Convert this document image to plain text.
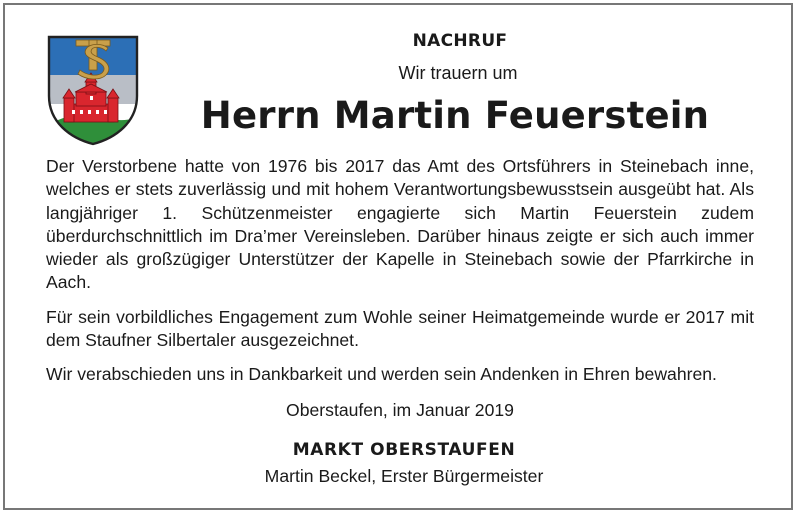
NACHRUF
Wir trauern um
Herrn Martin Feuerstein

Der Verstorbene hatte von 1976 bis 2017 das Amt des Ortsführers in Steinebach inne, welches er stets zuverlässig und mit hohem Verantwortungsbewusstsein ausgeübt hat. Als langjähriger 1. Schützenmeister engagierte sich Martin Feuerstein zudem überdurchschnittlich im Dra’mer Vereinsleben. Darüber hinaus zeigte er sich auch immer wieder als großzügiger Unterstützer der Kapelle in Steinebach sowie der Pfarrkirche in Aach.

Für sein vorbildliches Engagement zum Wohle seiner Heimatgemeinde wurde er 2017 mit dem Staufner Silbertaler ausgezeichnet.

Wir verabschieden uns in Dankbarkeit und werden sein Andenken in Ehren bewahren.

Oberstaufen, im Januar 2019
MARKT OBERSTAUFEN
Martin Beckel, Erster Bürgermeister
